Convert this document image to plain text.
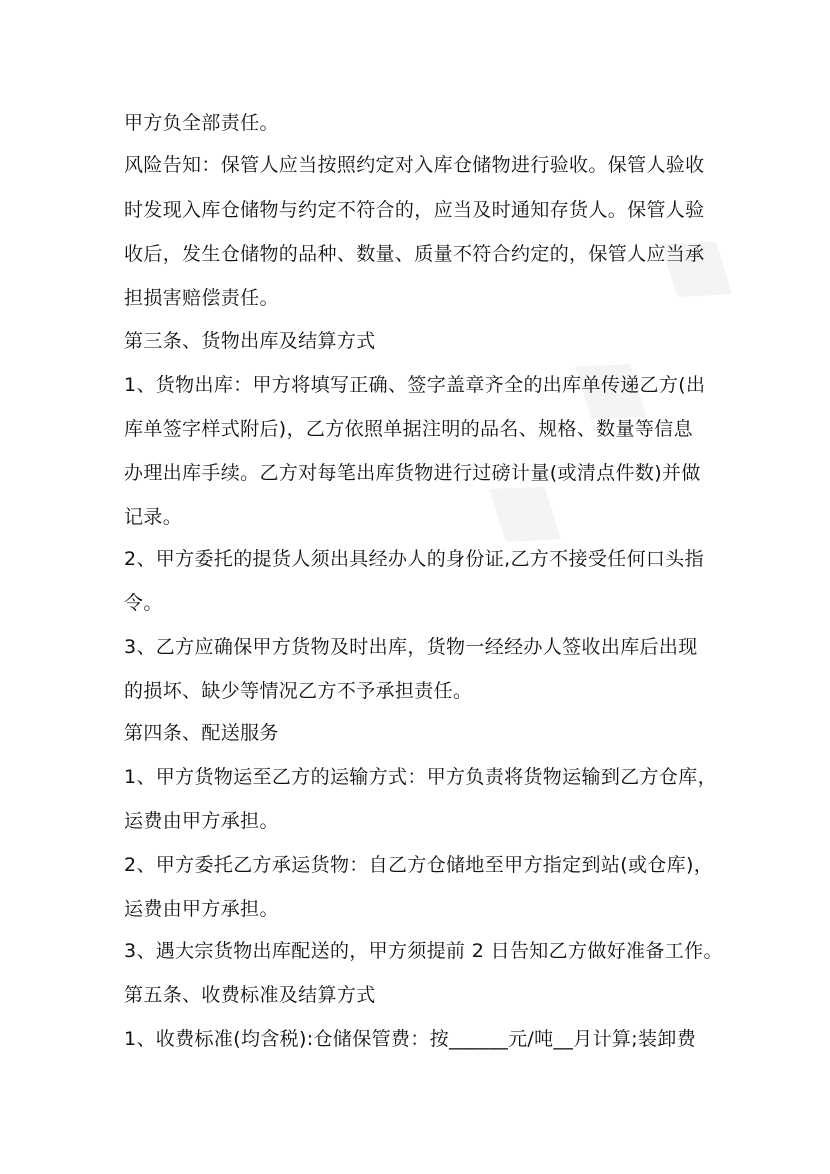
甲方负全部责任。
风险告知：保管人应当按照约定对入库仓储物进行验收。保管人验收
时发现入库仓储物与约定不符合的，应当及时通知存货人。保管人验
收后，发生仓储物的品种、数量、质量不符合约定的，保管人应当承
担损害赔偿责任。
第三条、货物出库及结算方式
1、货物出库：甲方将填写正确、签字盖章齐全的出库单传递乙方(出
库单签字样式附后)，乙方依照单据注明的品名、规格、数量等信息
办理出库手续。乙方对每笔出库货物进行过磅计量(或清点件数)并做
记录。
2、甲方委托的提货人须出具经办人的身份证,乙方不接受任何口头指
令。
3、乙方应确保甲方货物及时出库，货物一经经办人签收出库后出现
的损坏、缺少等情况乙方不予承担责任。
第四条、配送服务
1、甲方货物运至乙方的运输方式：甲方负责将货物运输到乙方仓库，
运费由甲方承担。
2、甲方委托乙方承运货物：自乙方仓储地至甲方指定到站(或仓库)，
运费由甲方承担。
3、遇大宗货物出库配送的，甲方须提前 2 日告知乙方做好准备工作。
第五条、收费标准及结算方式
1、收费标准(均含税):仓储保管费：按______元/吨__月计算;装卸费
